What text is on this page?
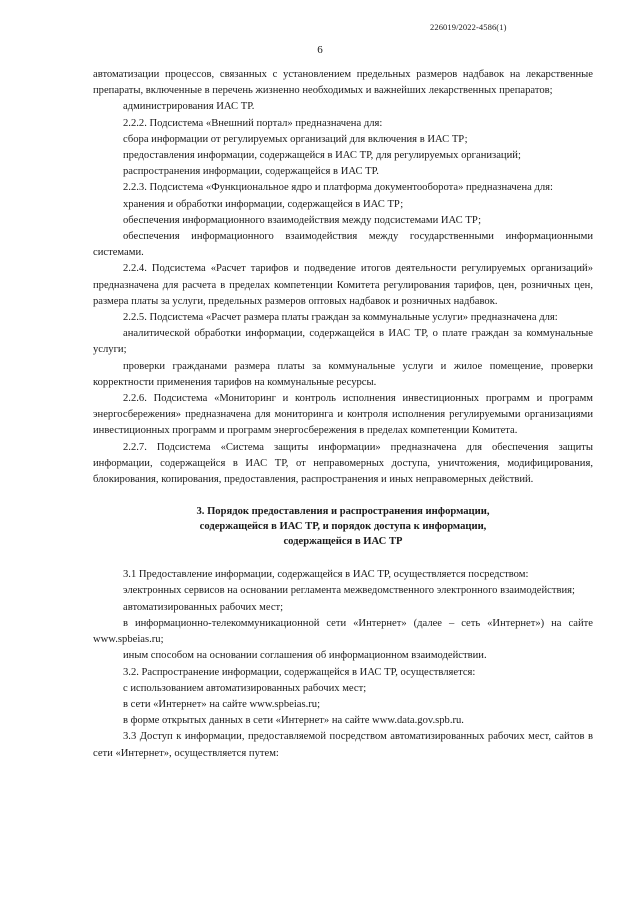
226019/2022-4586(1)
6

автоматизации процессов, связанных с установлением предельных размеров надбавок на лекарственные препараты, включенные в перечень жизненно необходимых и важнейших лекарственных препаратов;

администрирования ИАС ТР.

2.2.2. Подсистема «Внешний портал» предназначена для:

сбора информации от регулируемых организаций для включения в ИАС ТР;

предоставления информации, содержащейся в ИАС ТР, для регулируемых организаций;

распространения информации, содержащейся в ИАС ТР.

2.2.3. Подсистема «Функциональное ядро и платформа документооборота» предназначена для:

хранения и обработки информации, содержащейся в ИАС ТР;

обеспечения информационного взаимодействия между подсистемами ИАС ТР;

обеспечения информационного взаимодействия между государственными информационными системами.

2.2.4. Подсистема «Расчет тарифов и подведение итогов деятельности регулируемых организаций» предназначена для расчета в пределах компетенции Комитета регулирования тарифов, цен, розничных цен, размера платы за услуги, предельных размеров оптовых надбавок и розничных надбавок.

2.2.5. Подсистема «Расчет размера платы граждан за коммунальные услуги» предназначена для:

аналитической обработки информации, содержащейся в ИАС ТР, о плате граждан за коммунальные услуги;

проверки гражданами размера платы за коммунальные услуги и жилое помещение, проверки корректности применения тарифов на коммунальные ресурсы.

2.2.6. Подсистема «Мониторинг и контроль исполнения инвестиционных программ и программ энергосбережения» предназначена для мониторинга и контроля исполнения регулируемыми организациями инвестиционных программ и программ энергосбережения в пределах компетенции Комитета.

2.2.7. Подсистема «Система защиты информации» предназначена для обеспечения защиты информации, содержащейся в ИАС ТР, от неправомерных доступа, уничтожения, модифицирования, блокирования, копирования, предоставления, распространения и иных неправомерных действий.

3. Порядок предоставления и распространения информации,
содержащейся в ИАС ТР, и порядок доступа к информации,
содержащейся в ИАС ТР

3.1 Предоставление информации, содержащейся в ИАС ТР, осуществляется посредством:

электронных сервисов на основании регламента межведомственного электронного взаимодействия;

автоматизированных рабочих мест;

в информационно-телекоммуникационной сети «Интернет» (далее – сеть «Интернет») на сайте www.spbeias.ru;

иным способом на основании соглашения об информационном взаимодействии.

3.2. Распространение информации, содержащейся в ИАС ТР, осуществляется:

с использованием автоматизированных рабочих мест;

в сети «Интернет» на сайте www.spbeias.ru;

в форме открытых данных в сети «Интернет» на сайте www.data.gov.spb.ru.

3.3 Доступ к информации, предоставляемой посредством автоматизированных рабочих мест, сайтов в сети «Интернет», осуществляется путем:
